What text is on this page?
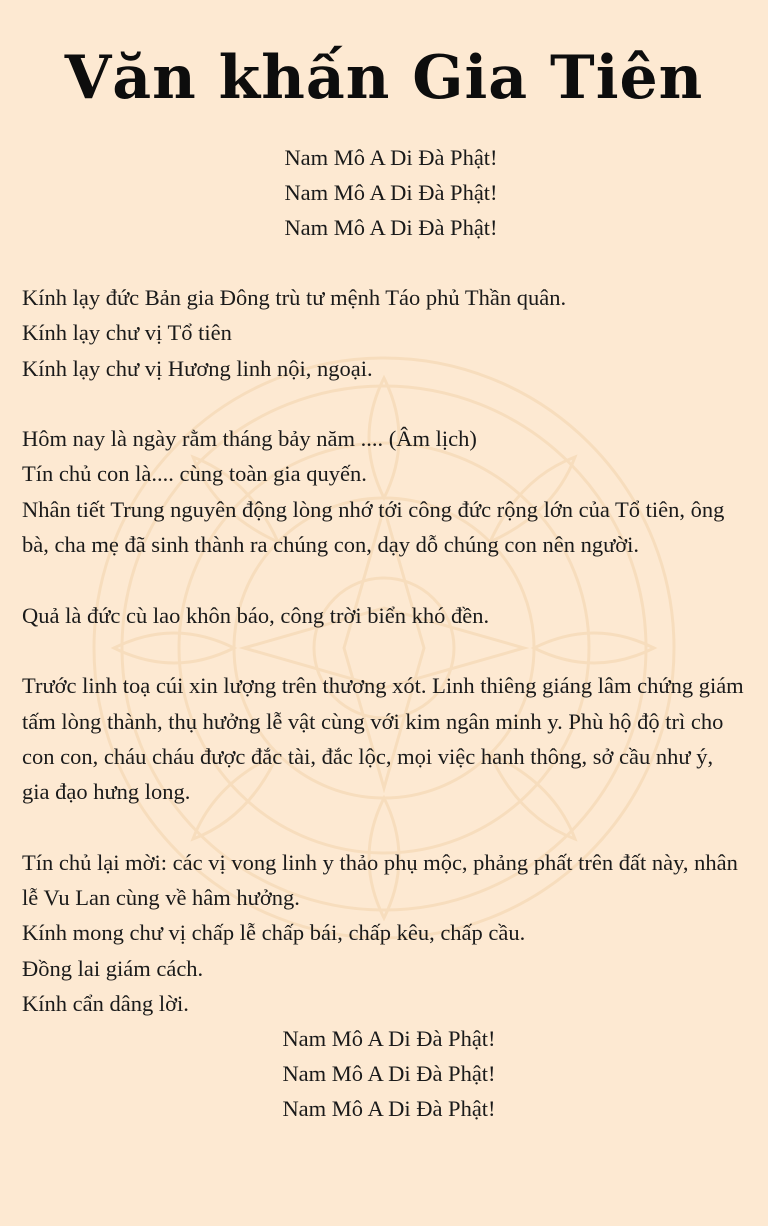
Văn khấn Gia Tiên
Nam Mô A Di Đà Phật!
Nam Mô A Di Đà Phật!
Nam Mô A Di Đà Phật!
Kính lạy đức Bản gia Đông trù tư mệnh Táo phủ Thần quân.
Kính lạy chư vị Tổ tiên
Kính lạy chư vị Hương linh nội, ngoại.
Hôm nay là ngày rằm tháng bảy năm .... (Âm lịch)
Tín chủ con là.... cùng toàn gia quyến.
Nhân tiết Trung nguyên động lòng nhớ tới công đức rộng lớn của Tổ tiên, ông bà, cha mẹ đã sinh thành ra chúng con, dạy dỗ chúng con nên người.
Quả là đức cù lao khôn báo, công trời biển khó đền.
Trước linh toạ cúi xin lượng trên thương xót. Linh thiêng giáng lâm chứng giám tấm lòng thành, thụ hưởng lễ vật cùng với kim ngân minh y. Phù hộ độ trì cho con con, cháu cháu được đắc tài, đắc lộc, mọi việc hanh thông, sở cầu như ý, gia đạo hưng long.
Tín chủ lại mời: các vị vong linh y thảo phụ mộc, phảng phất trên đất này, nhân lễ Vu Lan cùng về hâm hưởng.
Kính mong chư vị chấp lễ chấp bái, chấp kêu, chấp cầu.
Đồng lai giám cách.
Kính cẩn dâng lời.
Nam Mô A Di Đà Phật!
Nam Mô A Di Đà Phật!
Nam Mô A Di Đà Phật!
